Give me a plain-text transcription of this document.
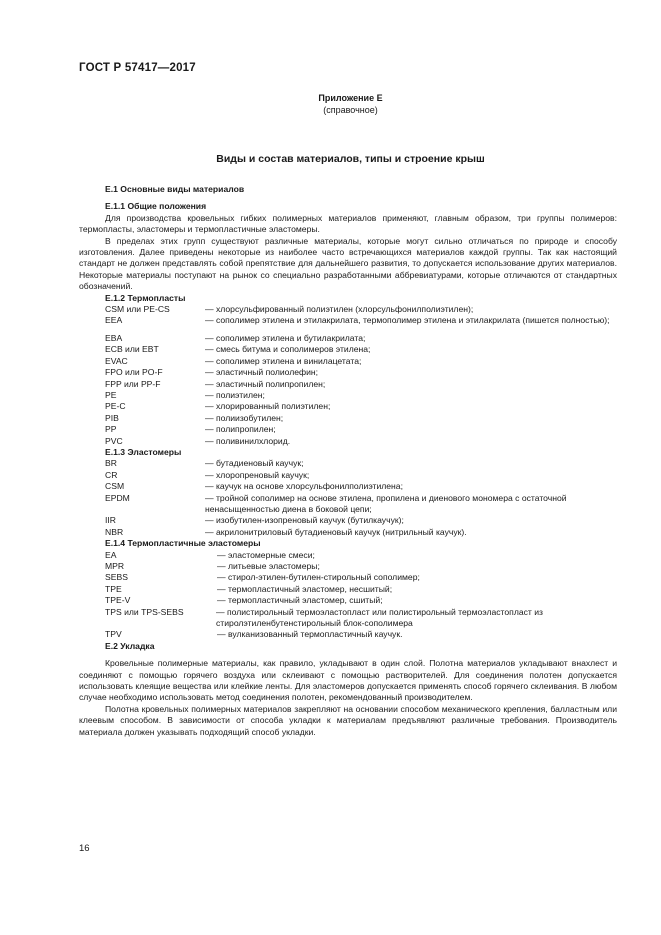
ГОСТ Р 57417—2017
Приложение Е
(справочное)
Виды и состав материалов, типы и строение крыш
Е.1 Основные виды материалов
Е.1.1 Общие положения
Для производства кровельных гибких полимерных материалов применяют, главным образом, три группы полимеров: термопласты, эластомеры и термопластичные эластомеры.
В пределах этих групп существуют различные материалы, которые могут сильно отличаться по природе и способу изготовления. Далее приведены некоторые из наиболее часто встречающихся материалов каждой группы. Так как настоящий стандарт не должен представлять собой препятствие для дальнейшего развития, то допускается использование других материалов. Некоторые материалы поступают на рынок со специально разработанными аббревиатурами, которые отличаются от стандартных обозначений.
Е.1.2 Термопласты
CSM или PE-CS	— хлорсульфированный полиэтилен (хлорсульфонилполиэтилен);
EEA	— сополимер этилена и этилакрилата, термополимер этилена и этилакрилата (пишется полностью);
EBA	— сополимер этилена и бутилакрилата;
ECB или EBT	— смесь битума и сополимеров этилена;
EVAC	— сополимер этилена и винилацетата;
FPO или PO-F	— эластичный полиолефин;
FPP или PP-F	— эластичный полипропилен;
PE	— полиэтилен;
PE-C	— хлорированный полиэтилен;
PIB	— полиизобутилен;
PP	— полипропилен;
PVC	— поливинилхлорид.
Е.1.3 Эластомеры
BR	— бутадиеновый каучук;
CR	— хлоропреновый каучук;
CSM	— каучук на основе хлорсульфонилполиэтилена;
EPDM	— тройной сополимер на основе этилена, пропилена и диенового мономера с остаточной ненасыщенностью диена в боковой цепи;
IIR	— изобутилен-изопреновый каучук (бутилкаучук);
NBR	— акрилонитриловый бутадиеновый каучук (нитрильный каучук).
Е.1.4 Термопластичные эластомеры
EA	— эластомерные смеси;
MPR	— литьевые эластомеры;
SEBS	— стирол-этилен-бутилен-стирольный сополимер;
TPE	— термопластичный эластомер, несшитый;
TPE-V	— термопластичный эластомер, сшитый;
TPS или TPS-SEBS	— полистирольный термоэластопласт или полистирольный термоэластопласт из стиролэтиленбутенстирольный блок-сополимера
TPV	— вулканизованный термопластичный каучук.
Е.2 Укладка
Кровельные полимерные материалы, как правило, укладывают в один слой. Полотна материалов укладывают внахлест и соединяют с помощью горячего воздуха или склеивают с помощью растворителей. Для соединения полотен допускается использовать клеящие вещества или клейкие ленты. Для эластомеров допускается применять способ горячего склеивания. В любом случае необходимо использовать метод соединения полотен, рекомендованный производителем.
Полотна кровельных полимерных материалов закрепляют на основании способом механического крепления, балластным или клеевым способом. В зависимости от способа укладки к материалам предъявляют различные требования. Производитель материала должен указывать подходящий способ укладки.
16
